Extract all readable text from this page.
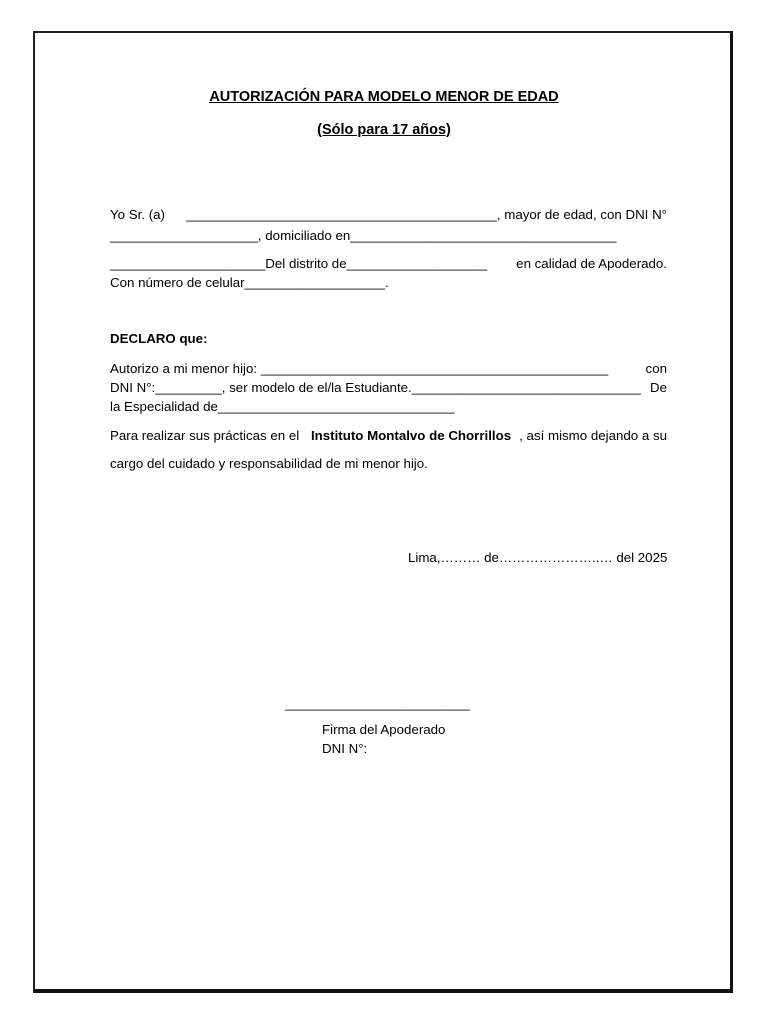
AUTORIZACIÓN PARA MODELO MENOR DE EDAD
(Sólo para 17 años)
Yo Sr. (a) __________________________________________, mayor de edad, con DNI N°
____________________, domiciliado en____________________________________
_____________________Del distrito de___________________ en calidad de Apoderado.
Con número de celular___________________.
DECLARO que:
Autorizo a mi menor hijo: _______________________________________________	con
DNI N°:_________, ser modelo de el/la Estudiante._______________________________ De
la Especialidad de________________________________
Para realizar sus prácticas en el Instituto Montalvo de Chorrillos , así mismo dejando a su
cargo del cuidado y responsabilidad de mi menor hijo.
Lima,……… de…………………..… del 2025
_________________________
Firma del Apoderado
DNI N°:
